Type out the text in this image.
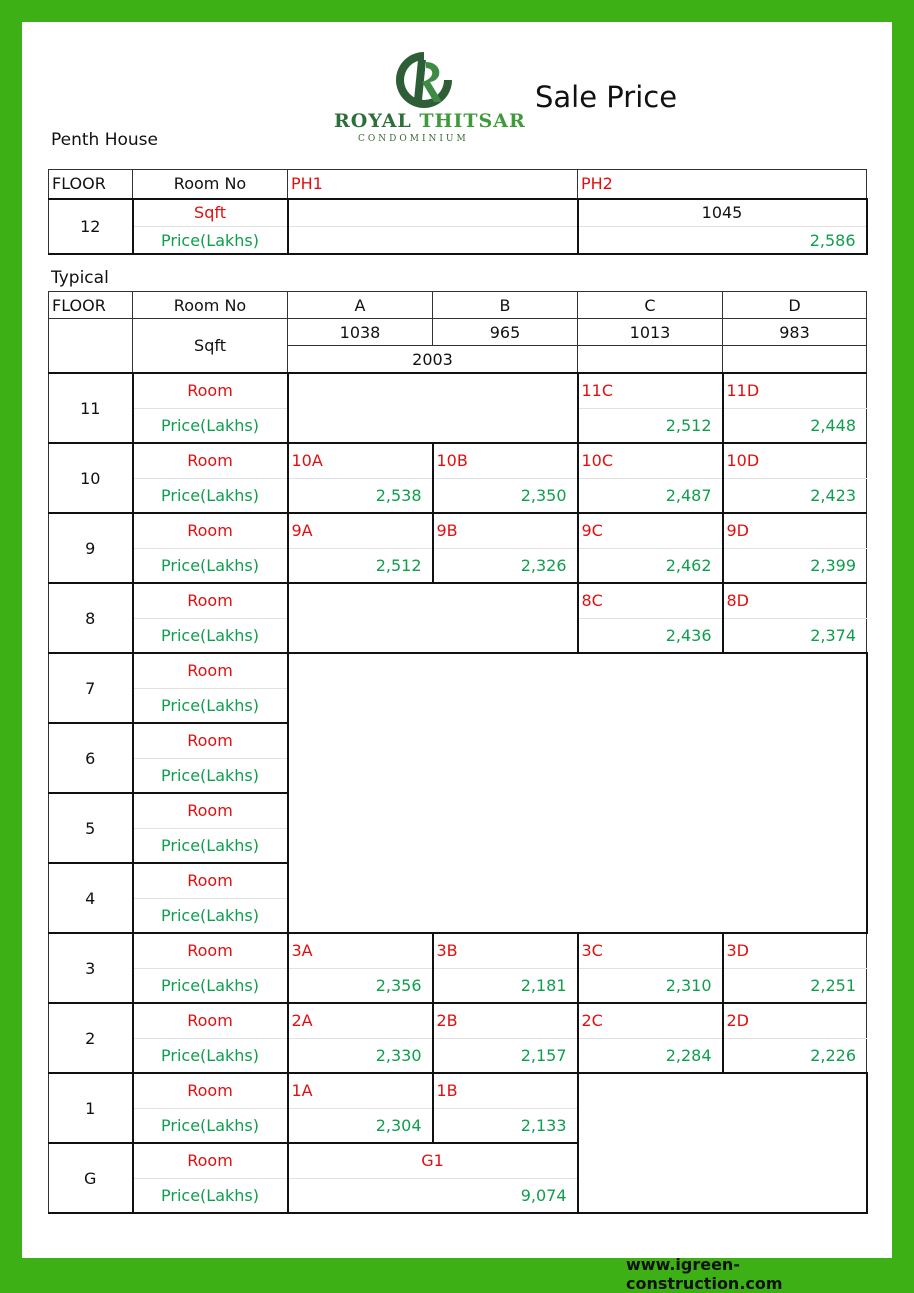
ROYAL THITSAR
CONDOMINIUM
Sale Price
Penth House
FLOOR	Room No	PH1	PH2
12	Sqft		1045
	Price(Lakhs)		2,586
Typical
FLOOR	Room No	A	B	C	D
	Sqft	1038	965	1013	983
		2003			
11	Room			11C	11D
	Price(Lakhs)			2,512	2,448
10	Room	10A	10B	10C	10D
	Price(Lakhs)	2,538	2,350	2,487	2,423
9	Room	9A	9B	9C	9D
	Price(Lakhs)	2,512	2,326	2,462	2,399
8	Room			8C	8D
	Price(Lakhs)			2,436	2,374
7	Room				
	Price(Lakhs)				
6	Room				
	Price(Lakhs)				
5	Room				
	Price(Lakhs)				
4	Room				
	Price(Lakhs)				
3	Room	3A	3B	3C	3D
	Price(Lakhs)	2,356	2,181	2,310	2,251
2	Room	2A	2B	2C	2D
	Price(Lakhs)	2,330	2,157	2,284	2,226
1	Room	1A	1B		
	Price(Lakhs)	2,304	2,133		
G	Room	G1			
	Price(Lakhs)	9,074			
www.igreen-construction.com
